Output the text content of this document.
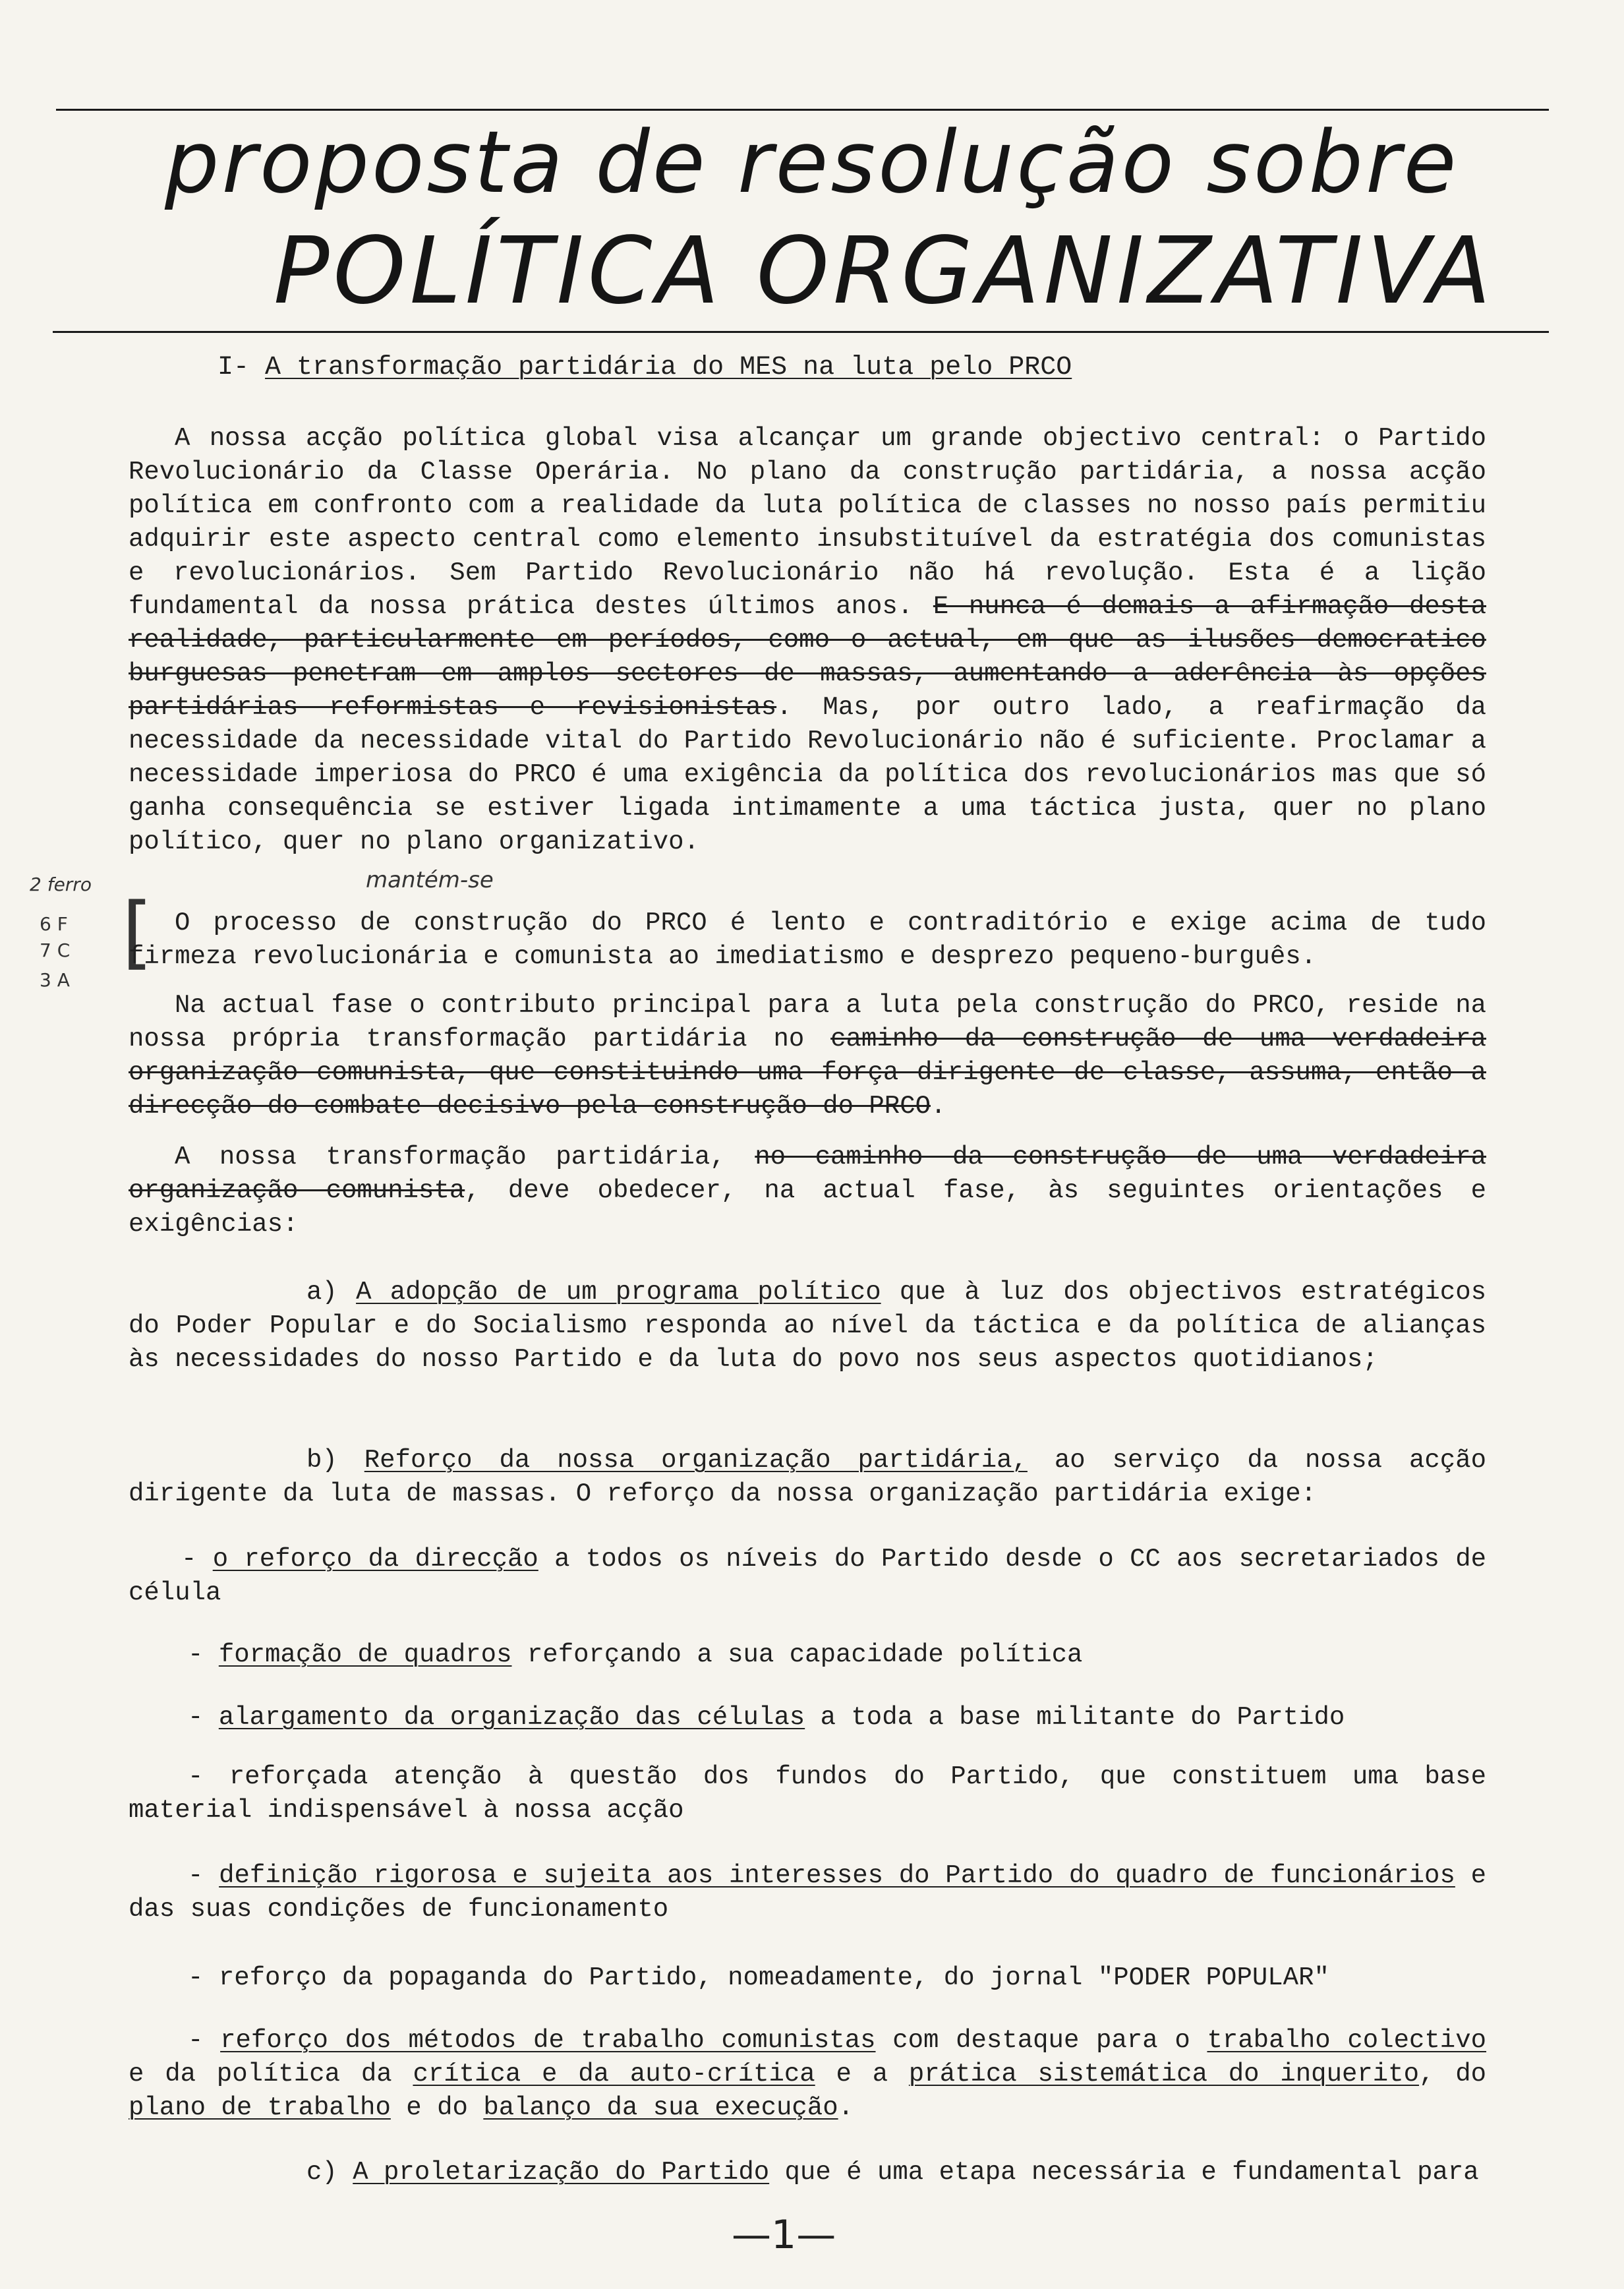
proposta de resolução sobre
POLÍTICA ORGANIZATIVA

I- A transformação partidária do MES na luta pelo PRCO

A nossa acção política global visa alcançar um grande objectivo central: o Partido Revolucionário da Classe Operária. No plano da construção partidária, a nossa acção política em confronto com a realidade da luta política de classes no nosso país permitiu adquirir este aspecto central como elemento insubstituível da estratégia dos comunistas e revolucionários. Sem Partido Revolucionário não há revolução. Esta é a lição fundamental da nossa prática destes últimos anos. E nunca é demais a afirmação desta realidade, particularmente em períodos, como o actual, em que as ilusões democratico burguesas penetram em amplos sectores de massas, aumentando a aderência às opções partidárias reformistas e revisionistas. Mas, por outro lado, a reafirmação da necessidade da necessidade vital do Partido Revolucionário não é suficiente. Proclamar a necessidade imperiosa do PRCO é uma exigência da política dos revolucionários mas que só ganha consequência se estiver ligada intimamente a uma táctica justa, quer no plano político, quer no plano organizativo.

mantém-se
2 ferro
6 F
7 C
3 A
[ O processo de construção do PRCO é lento e contraditório e exige acima de tudo firmeza revolucionária e comunista ao imediatismo e desprezo pequeno-burguês.

Na actual fase o contributo principal para a luta pela construção do PRCO, reside na nossa própria transformação partidária no caminho da construção de uma verdadeira organização comunista, que constituindo uma força dirigente de classe, assuma, então a direcção do combate decisivo pela construção do PRCO.

A nossa transformação partidária, no caminho da construção de uma verdadeira organização comunista, deve obedecer, na actual fase, às seguintes orientações e exigências:

a) A adopção de um programa político que à luz dos objectivos estratégicos do Poder Popular e do Socialismo responda ao nível da táctica e da política de alianças às necessidades do nosso Partido e da luta do povo nos seus aspectos quotidianos;

b) Reforço da nossa organização partidária, ao serviço da nossa acção dirigente da luta de massas. O reforço da nossa organização partidária exige:

- o reforço da direcção a todos os níveis do Partido desde o CC aos secretariados de célula

- formação de quadros reforçando a sua capacidade política

- alargamento da organização das células a toda a base militante do Partido

- reforçada atenção à questão dos fundos do Partido, que constituem uma base material indispensável à nossa acção

- definição rigorosa e sujeita aos interesses do Partido do quadro de funcionários e das suas condições de funcionamento

- reforço da popaganda do Partido, nomeadamente, do jornal "PODER POPULAR"

- reforço dos métodos de trabalho comunistas com destaque para o trabalho colectivo e da política da crítica e da auto-crítica e a prática sistemática do inquerito, do plano de trabalho e do balanço da sua execução.

c) A proletarização do Partido que é uma etapa necessária e fundamental para

—1—
